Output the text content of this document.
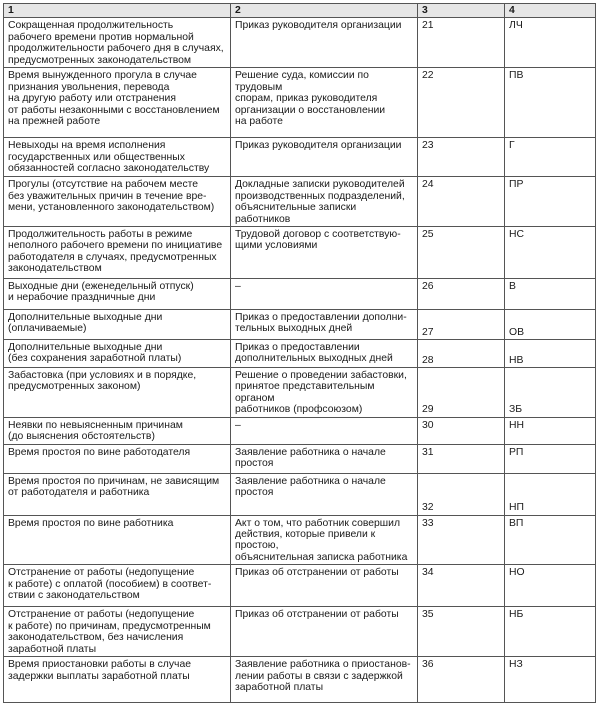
1	2	3	4
Сокращенная продолжительность
рабочего времени против нормальной
продолжительности рабочего дня в случаях,
предусмотренных законодательством	Приказ руководителя организации	21	ЛЧ
Время вынужденного прогула в случае
признания увольнения, перевода
на другую работу или отстранения
от работы незаконными с восстановлением
на прежней работе	Решение суда, комиссии по трудовым
спорам, приказ руководителя
организации о восстановлении
на работе	22	ПВ
Невыходы на время исполнения
государственных или общественных
обязанностей согласно законодательству	Приказ руководителя организации	23	Г
Прогулы (отсутствие на рабочем месте
без уважительных причин в течение вре-
мени, установленного законодательством)	Докладные записки руководителей
производственных подразделений,
объяснительные записки работников	24	ПР
Продолжительность работы в режиме
неполного рабочего времени по инициативе
работодателя в случаях, предусмотренных
законодательством	Трудовой договор с соответствую-
щими условиями	25	НС
Выходные дни (еженедельный отпуск)
и нерабочие праздничные дни	–	26	В
Дополнительные выходные дни
(оплачиваемые)	Приказ о предоставлении дополни-
тельных выходных дней	27	ОВ
Дополнительные выходные дни
(без сохранения заработной платы)	Приказ о предоставлении
дополнительных выходных дней	28	НВ
Забастовка (при условиях и в порядке,
предусмотренных законом)	Решение о проведении забастовки,
принятое представительным органом
работников (профсоюзом)	29	ЗБ
Неявки по невыясненным причинам
(до выяснения обстоятельств)	–	30	НН
Время простоя по вине работодателя	Заявление работника о начале
простоя	31	РП
Время простоя по причинам, не зависящим
от работодателя и работника	Заявление работника о начале
простоя	32	НП
Время простоя по вине работника	Акт о том, что работник совершил
действия, которые привели к простою,
объяснительная записка работника	33	ВП
Отстранение от работы (недопущение
к работе) с оплатой (пособием) в соответ-
ствии с законодательством	Приказ об отстранении от работы	34	НО
Отстранение от работы (недопущение
к работе) по причинам, предусмотренным
законодательством, без начисления
заработной платы	Приказ об отстранении от работы	35	НБ
Время приостановки работы в случае
задержки выплаты заработной платы	Заявление работника о приостанов-
лении работы в связи с задержкой
заработной платы	36	НЗ
